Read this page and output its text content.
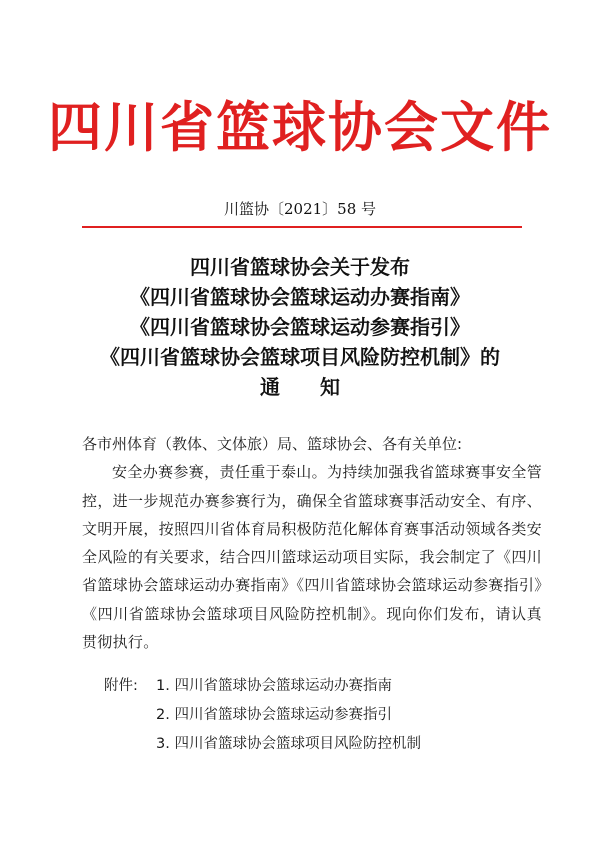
四川省篮球协会文件
川篮协〔2021〕58 号
四川省篮球协会关于发布
《四川省篮球协会篮球运动办赛指南》
《四川省篮球协会篮球运动参赛指引》
《四川省篮球协会篮球项目风险防控机制》的
通　　知
各市州体育（教体、文体旅）局、篮球协会、各有关单位:
安全办赛参赛，责任重于泰山。为持续加强我省篮球赛事安全管控，进一步规范办赛参赛行为，确保全省篮球赛事活动安全、有序、文明开展，按照四川省体育局积极防范化解体育赛事活动领域各类安全风险的有关要求，结合四川篮球运动项目实际，我会制定了《四川省篮球协会篮球运动办赛指南》《四川省篮球协会篮球运动参赛指引》《四川省篮球协会篮球项目风险防控机制》。现向你们发布，请认真贯彻执行。
附件:	1. 四川省篮球协会篮球运动办赛指南
2. 四川省篮球协会篮球运动参赛指引
3. 四川省篮球协会篮球项目风险防控机制
